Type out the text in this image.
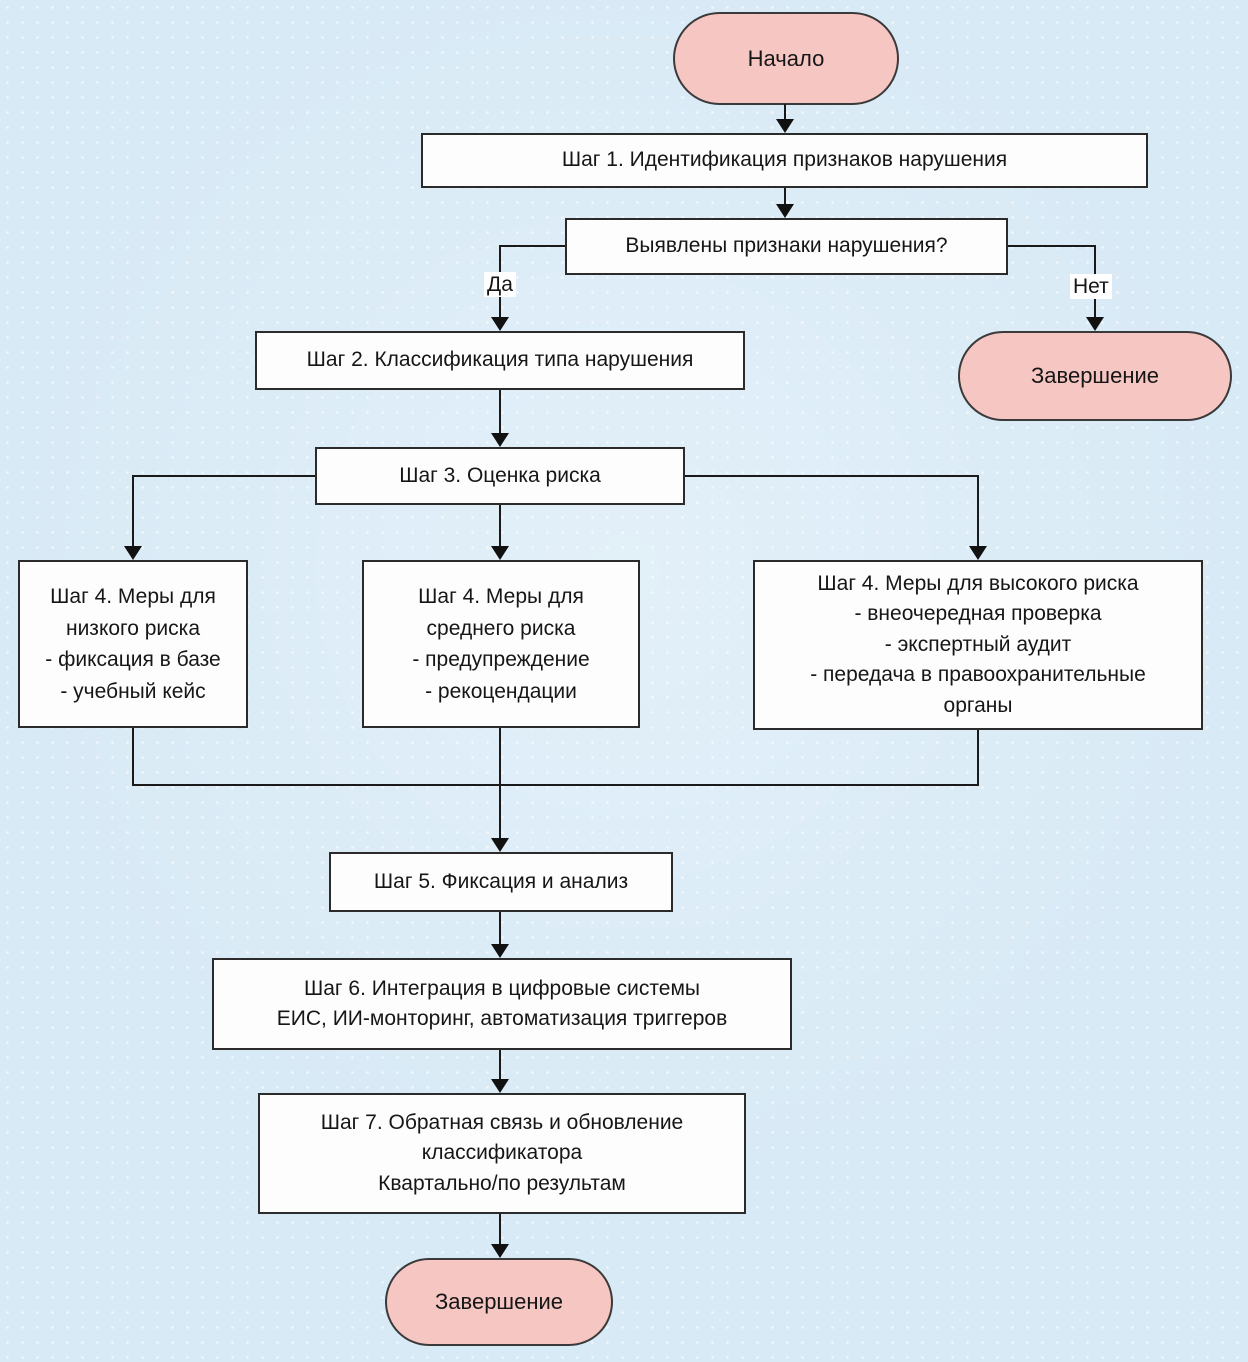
Начало
Шаг 1. Идентификация признаков нарушения
Выявлены признаки нарушения?
Да	Нет
Шаг 2. Классификация типа нарушения
Завершение
Шаг 3. Оценка риска
Шаг 4. Меры для
низкого риска
- фиксация в базе
- учебный кейс
Шаг 4. Меры для
среднего риска
- предупреждение
- рекоцендации
Шаг 4. Меры для высокого риска
- внеочередная проверка
- экспертный аудит
- передача в правоохранительные
органы
Шаг 5. Фиксация и анализ
Шаг 6. Интеграция в цифровые системы
ЕИС, ИИ-монторинг, автоматизация триггеров
Шаг 7. Обратная связь и обновление
классификатора
Квартально/по результам
Завершение
